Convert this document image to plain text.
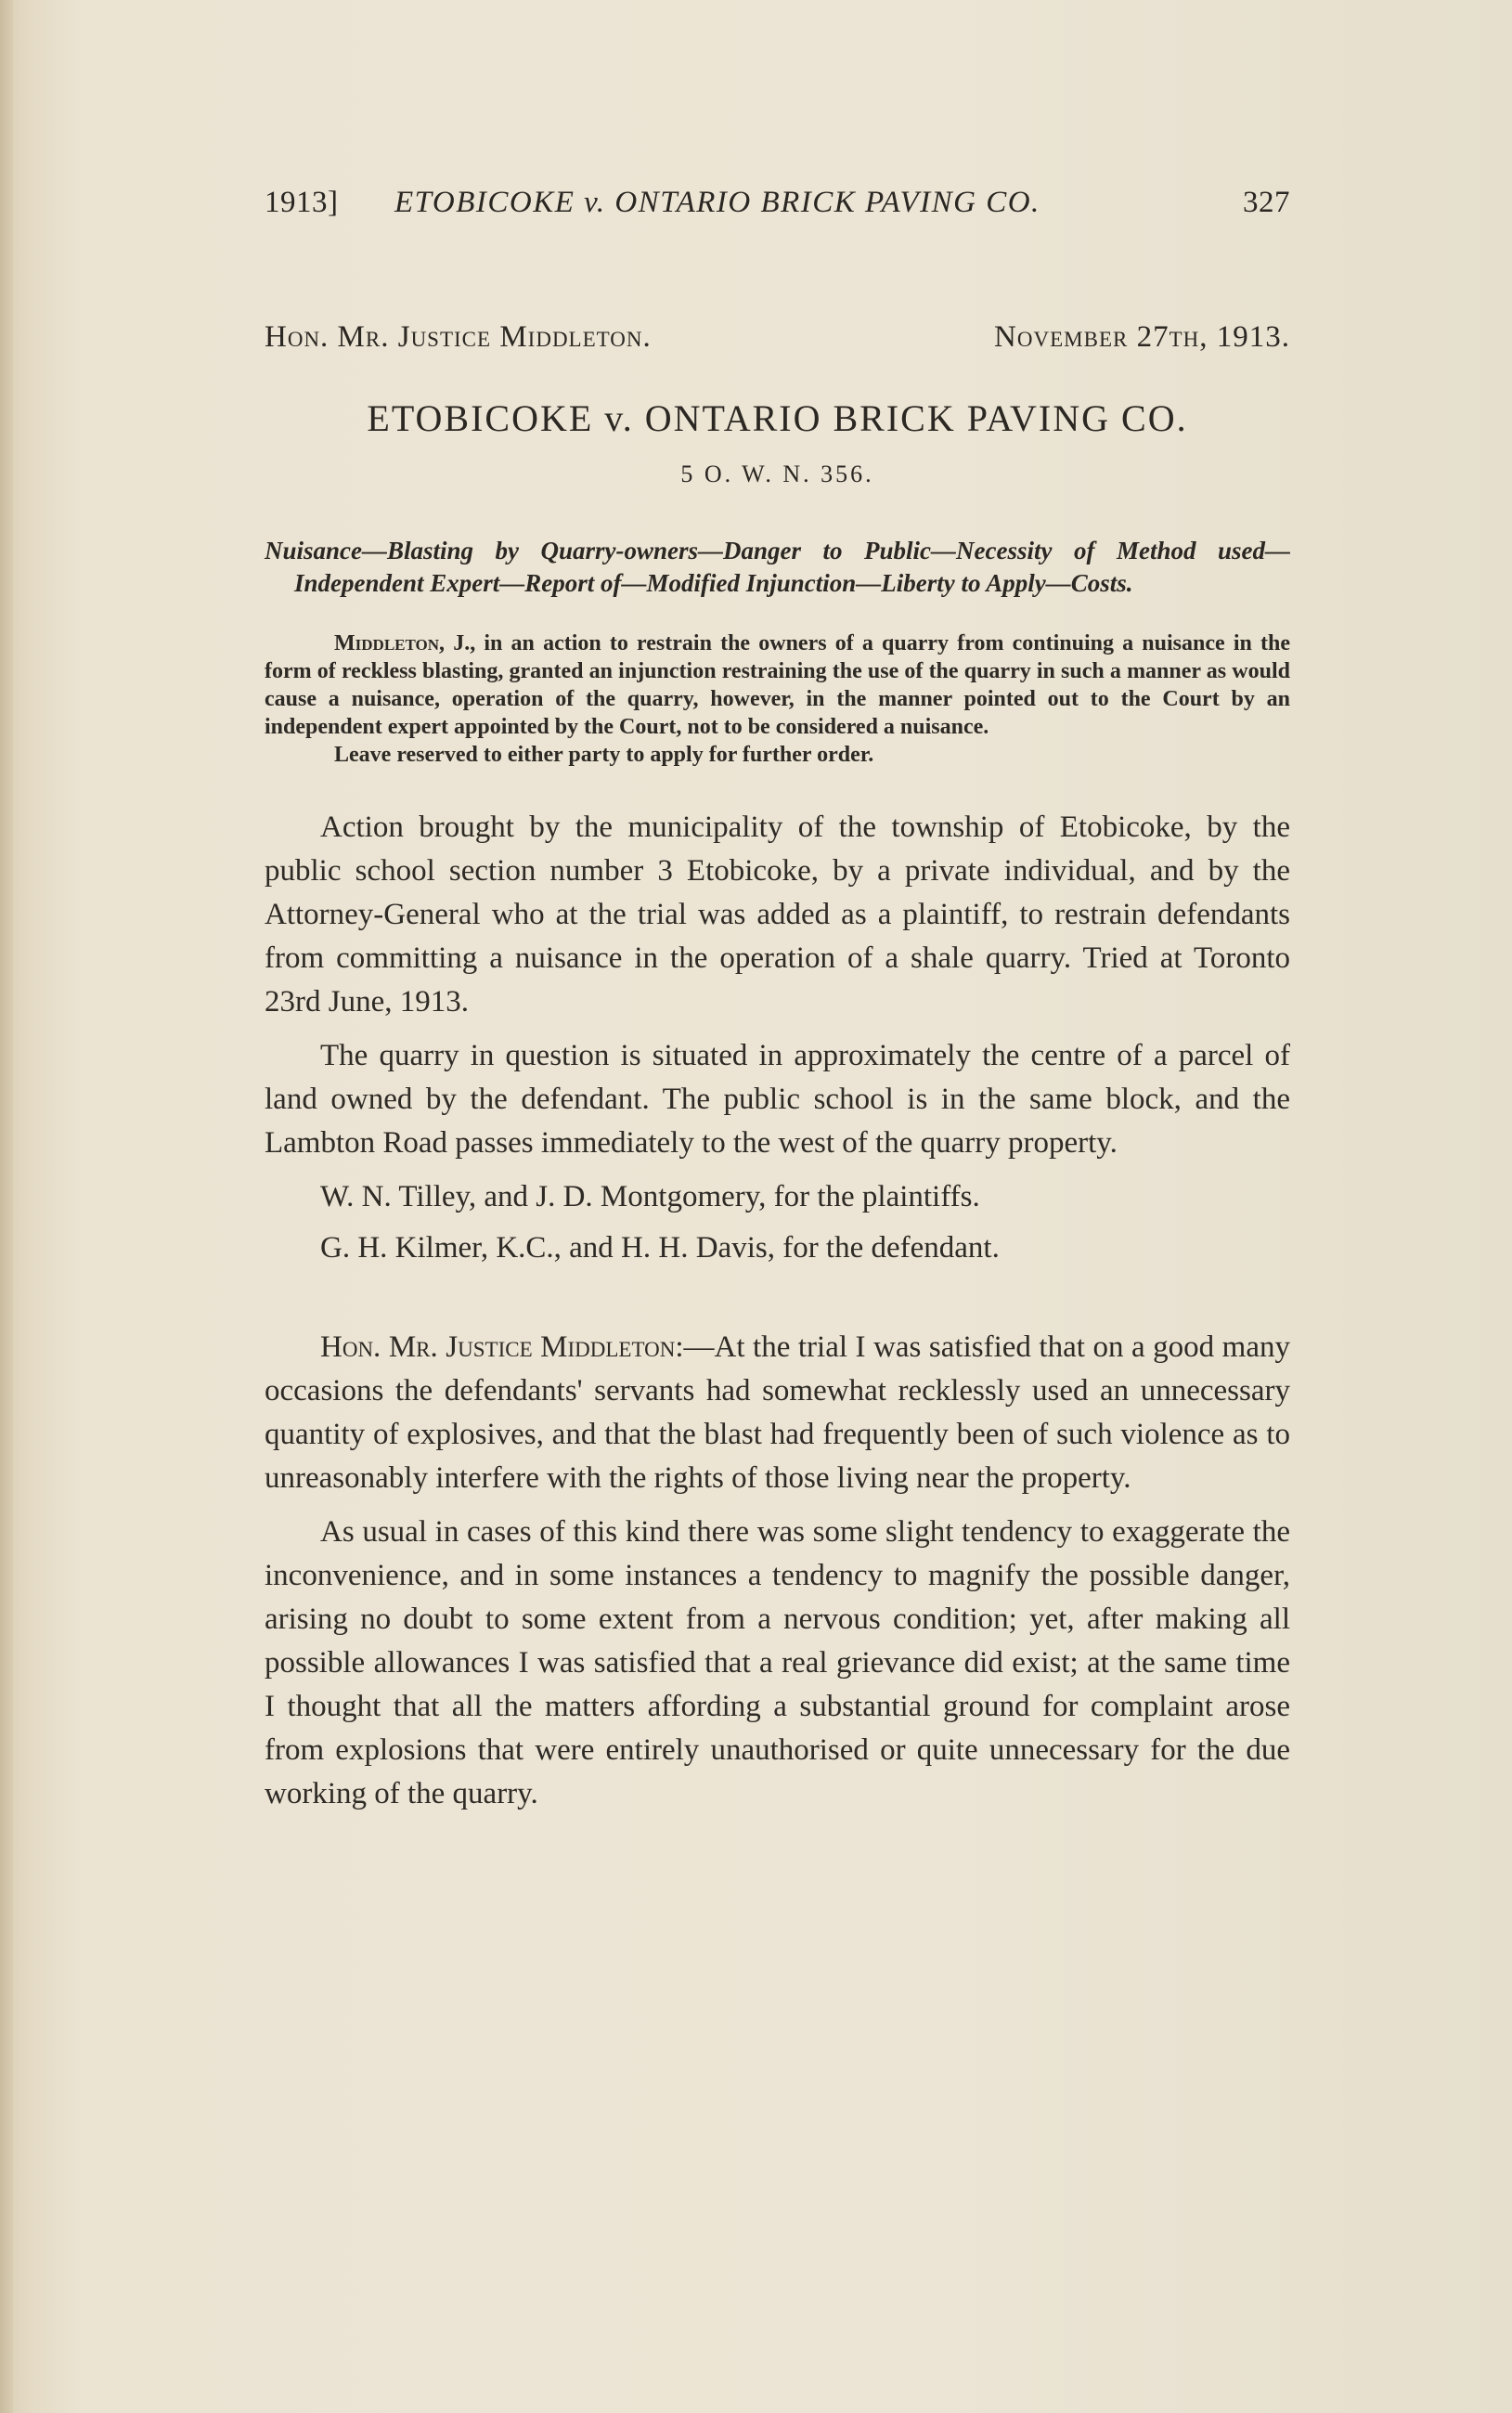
1913] ETOBICOKE v. ONTARIO BRICK PAVING CO.	327
Hon. Mr. Justice Middleton.	November 27th, 1913.
ETOBICOKE v. ONTARIO BRICK PAVING CO.
5 O. W. N. 356.
Nuisance—Blasting by Quarry-owners—Danger to Public—Necessity of Method used—Independent Expert—Report of—Modified Injunction—Liberty to Apply—Costs.

Middleton, J., in an action to restrain the owners of a quarry from continuing a nuisance in the form of reckless blasting, granted an injunction restraining the use of the quarry in such a manner as would cause a nuisance, operation of the quarry, however, in the manner pointed out to the Court by an independent expert appointed by the Court, not to be considered a nuisance.

Leave reserved to either party to apply for further order.

Action brought by the municipality of the township of Etobicoke, by the public school section number 3 Etobicoke, by a private individual, and by the Attorney-General who at the trial was added as a plaintiff, to restrain defendants from committing a nuisance in the operation of a shale quarry. Tried at Toronto 23rd June, 1913.

The quarry in question is situated in approximately the centre of a parcel of land owned by the defendant. The public school is in the same block, and the Lambton Road passes immediately to the west of the quarry property.

W. N. Tilley, and J. D. Montgomery, for the plaintiffs.

G. H. Kilmer, K.C., and H. H. Davis, for the defendant.

Hon. Mr. Justice Middleton:—At the trial I was satisfied that on a good many occasions the defendants' servants had somewhat recklessly used an unnecessary quantity of explosives, and that the blast had frequently been of such violence as to unreasonably interfere with the rights of those living near the property.

As usual in cases of this kind there was some slight tendency to exaggerate the inconvenience, and in some instances a tendency to magnify the possible danger, arising no doubt to some extent from a nervous condition; yet, after making all possible allowances I was satisfied that a real grievance did exist; at the same time I thought that all the matters affording a substantial ground for complaint arose from explosions that were entirely unauthorised or quite unnecessary for the due working of the quarry.
